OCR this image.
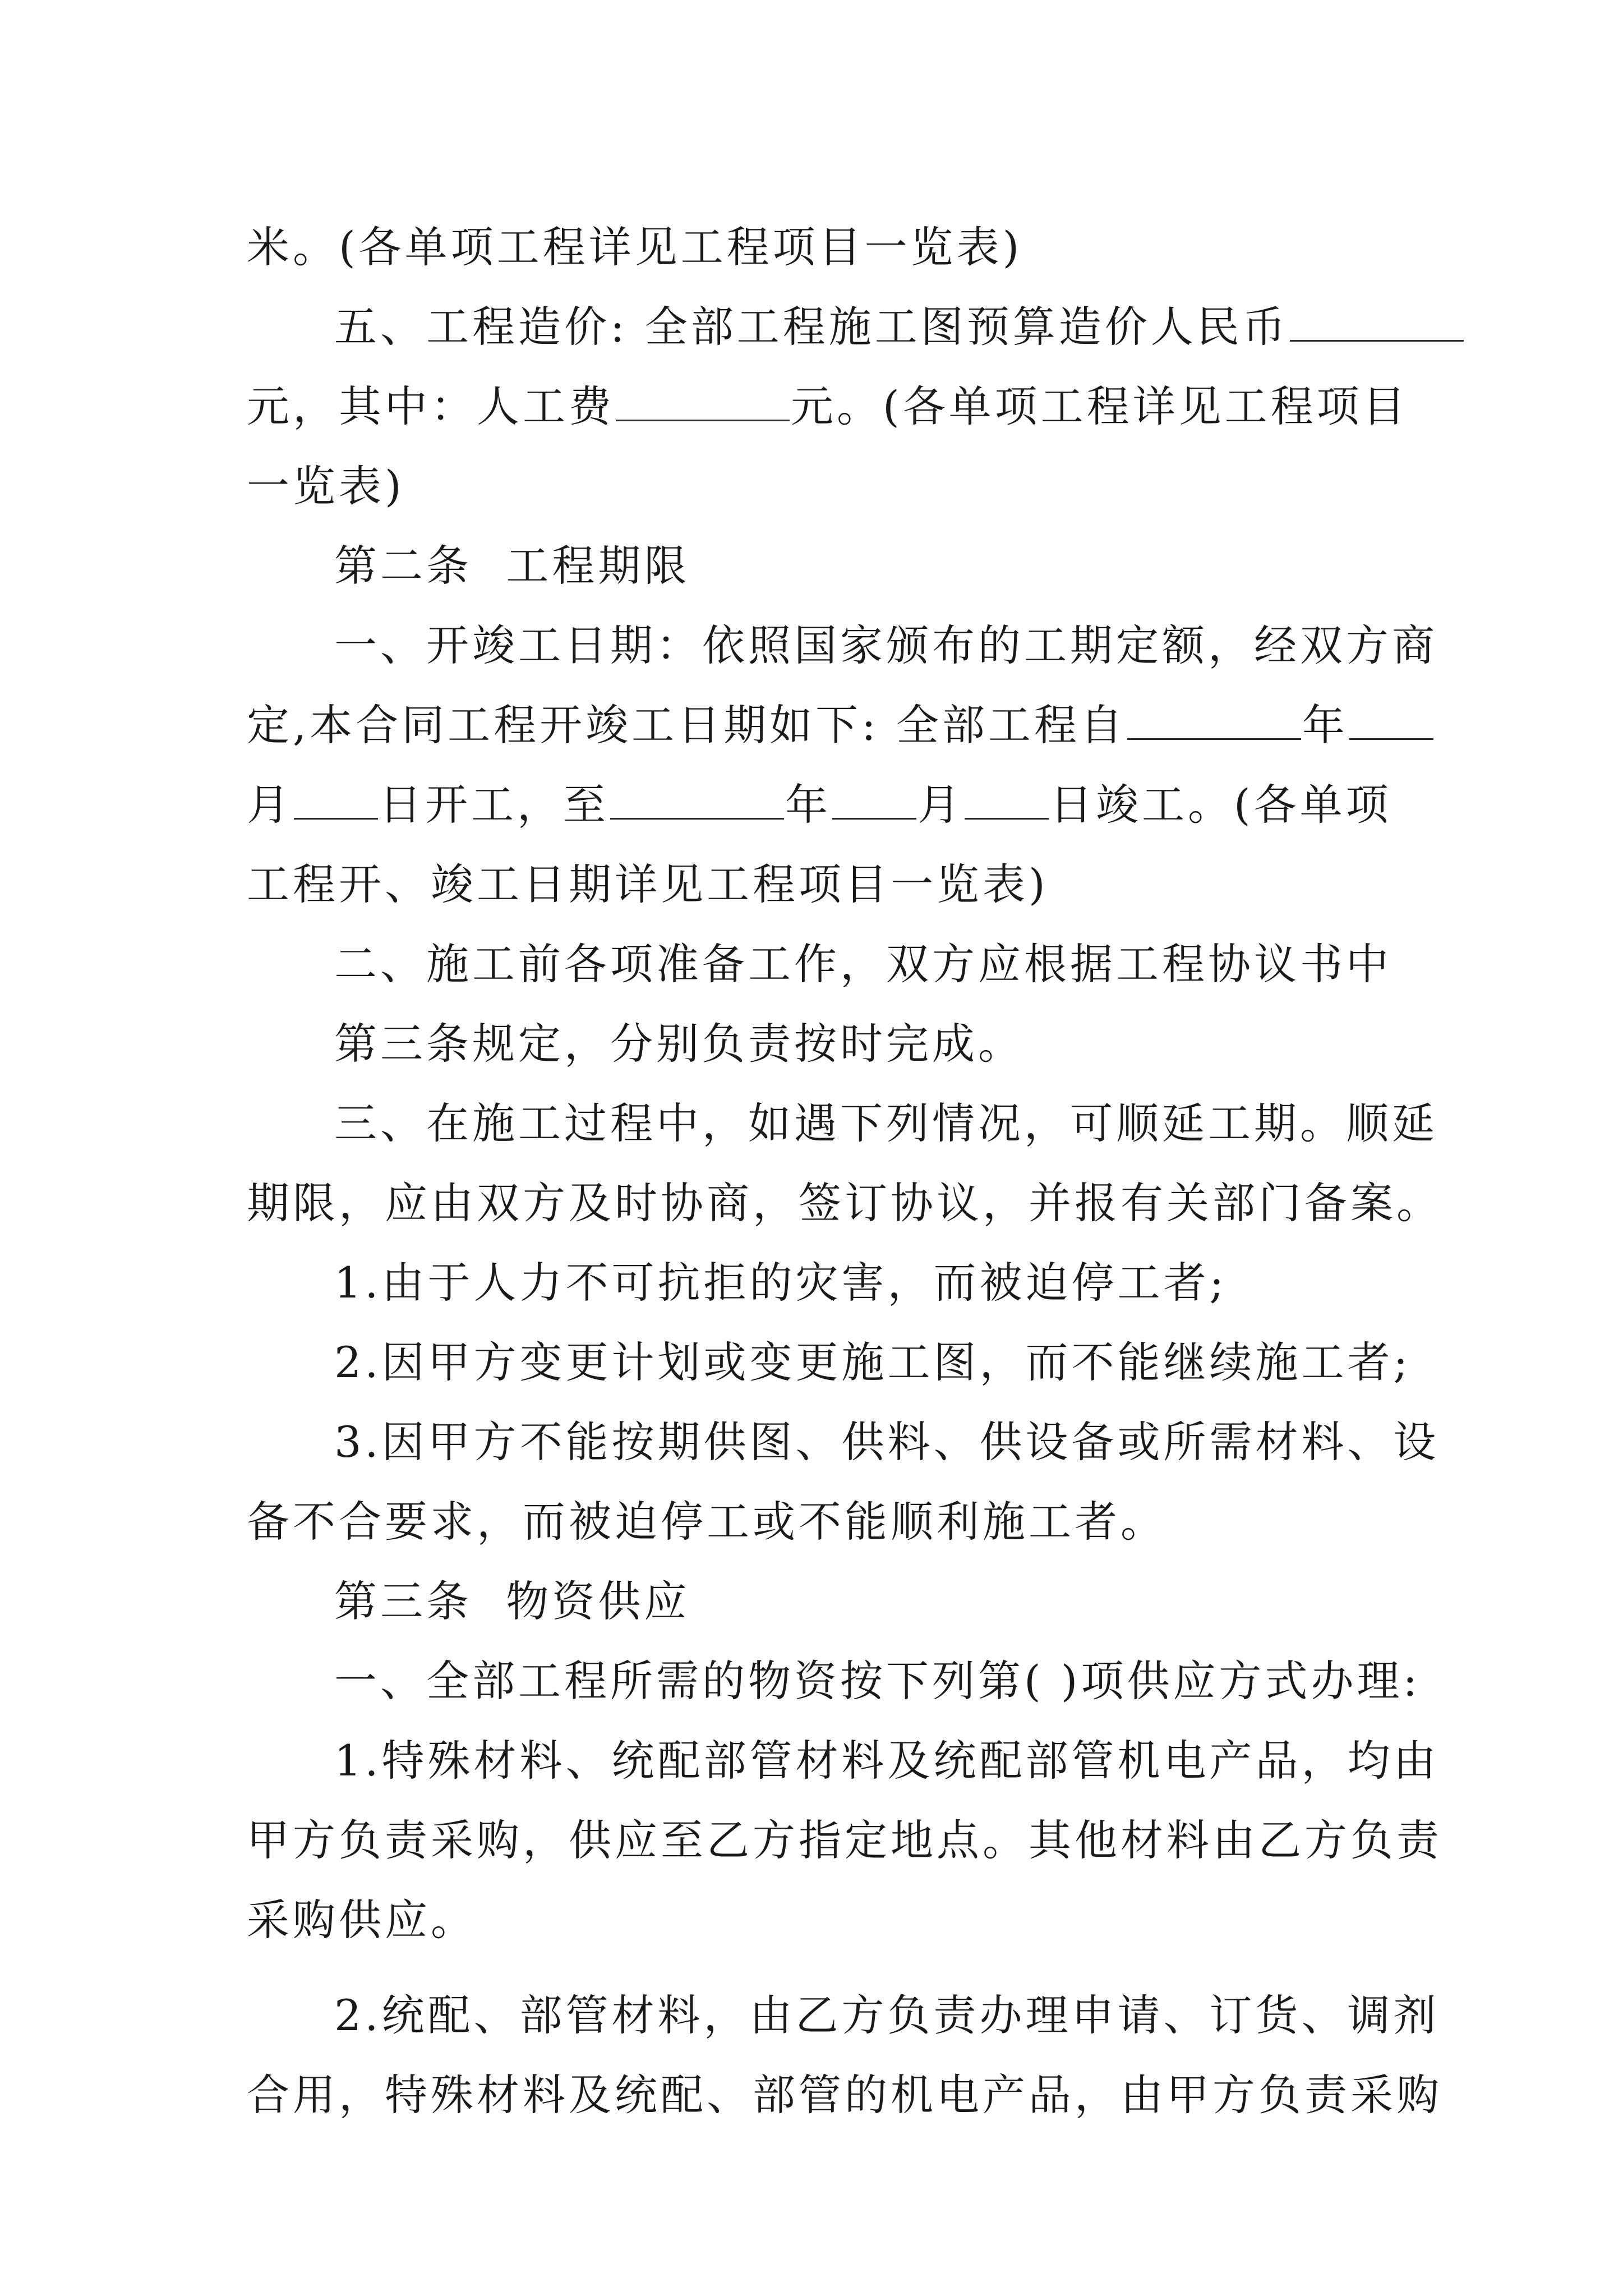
米。(各单项工程详见工程项目一览表)
五、工程造价: 全部工程施工图预算造价人民币
元，其中：人工费	元。(各单项工程详见工程项目
一览表)
第二条  工程期限
一、开竣工日期：依照国家颁布的工期定额，经双方商
定,本合同工程开竣工日期如下: 全部工程自	年
月 日开工，至	年 月 日竣工。(各单项
工程开、竣工日期详见工程项目一览表)
二、施工前各项准备工作，双方应根据工程协议书中
第三条规定，分别负责按时完成。
三、在施工过程中，如遇下列情况，可顺延工期。顺延
期限，应由双方及时协商，签订协议，并报有关部门备案。
1.由于人力不可抗拒的灾害，而被迫停工者;
2.因甲方变更计划或变更施工图，而不能继续施工者;
3.因甲方不能按期供图、供料、供设备或所需材料、设
备不合要求，而被迫停工或不能顺利施工者。
第三条  物资供应
一、全部工程所需的物资按下列第( )项供应方式办理:
1.特殊材料、统配部管材料及统配部管机电产品，均由
甲方负责采购，供应至乙方指定地点。其他材料由乙方负责
采购供应。
2.统配、部管材料，由乙方负责办理申请、订货、调剂
合用，特殊材料及统配、部管的机电产品，由甲方负责采购
